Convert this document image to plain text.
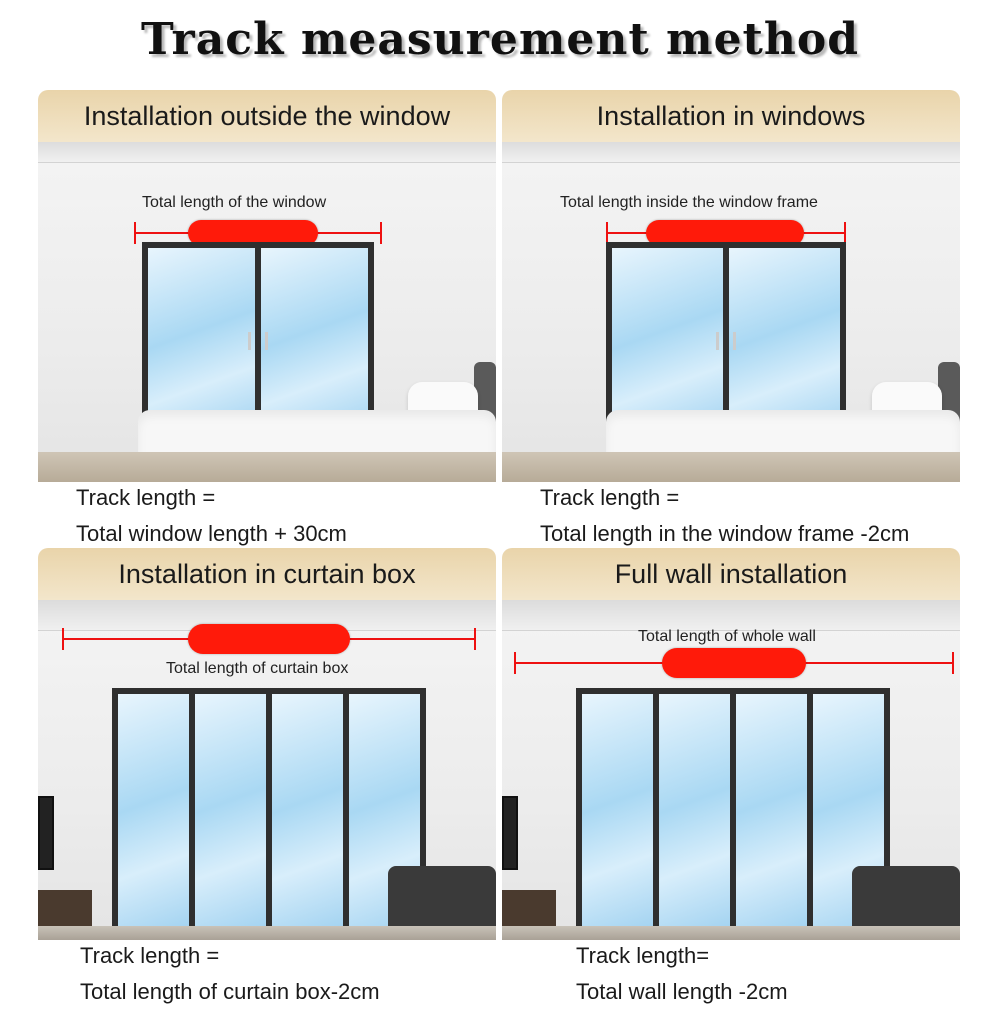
Track measurement method
Installation outside the window
Total length of the window
Track length =
Total window length + 30cm
Installation in windows
Total length inside the window frame
Track length =
Total length in the window frame -2cm
Installation in curtain box
Total length of curtain box
Track length =
Total length of curtain box-2cm
Full wall installation
Total length of whole wall
Track length=
Total wall length -2cm
